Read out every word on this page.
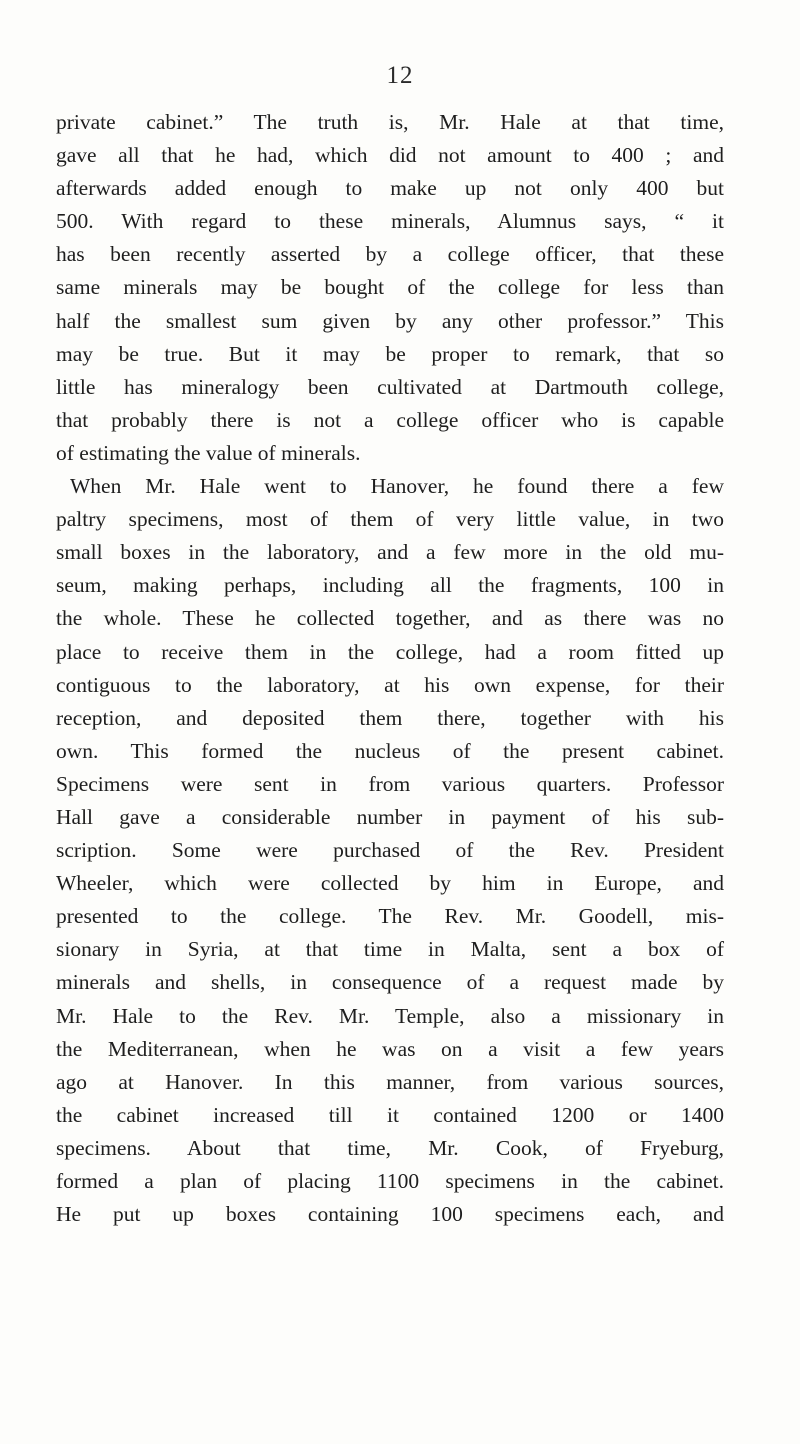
12
private cabinet.” The truth is, Mr. Hale at that time,
gave all that he had, which did not amount to 400 ; and
afterwards added enough to make up not only 400 but
500. With regard to these minerals, Alumnus says, “ it
has been recently asserted by a college officer, that these
same minerals may be bought of the college for less than
half the smallest sum given by any other professor.” This
may be true. But it may be proper to remark, that so
little has mineralogy been cultivated at Dartmouth college,
that probably there is not a college officer who is capable
of estimating the value of minerals.
When Mr. Hale went to Hanover, he found there a few
paltry specimens, most of them of very little value, in two
small boxes in the laboratory, and a few more in the old mu-
seum, making perhaps, including all the fragments, 100 in
the whole. These he collected together, and as there was no
place to receive them in the college, had a room fitted up
contiguous to the laboratory, at his own expense, for their
reception, and deposited them there, together with his
own. This formed the nucleus of the present cabinet.
Specimens were sent in from various quarters. Professor
Hall gave a considerable number in payment of his sub-
scription. Some were purchased of the Rev. President
Wheeler, which were collected by him in Europe, and
presented to the college. The Rev. Mr. Goodell, mis-
sionary in Syria, at that time in Malta, sent a box of
minerals and shells, in consequence of a request made by
Mr. Hale to the Rev. Mr. Temple, also a missionary in
the Mediterranean, when he was on a visit a few years
ago at Hanover. In this manner, from various sources,
the cabinet increased till it contained 1200 or 1400
specimens. About that time, Mr. Cook, of Fryeburg,
formed a plan of placing 1100 specimens in the cabinet.
He put up boxes containing 100 specimens each, and
